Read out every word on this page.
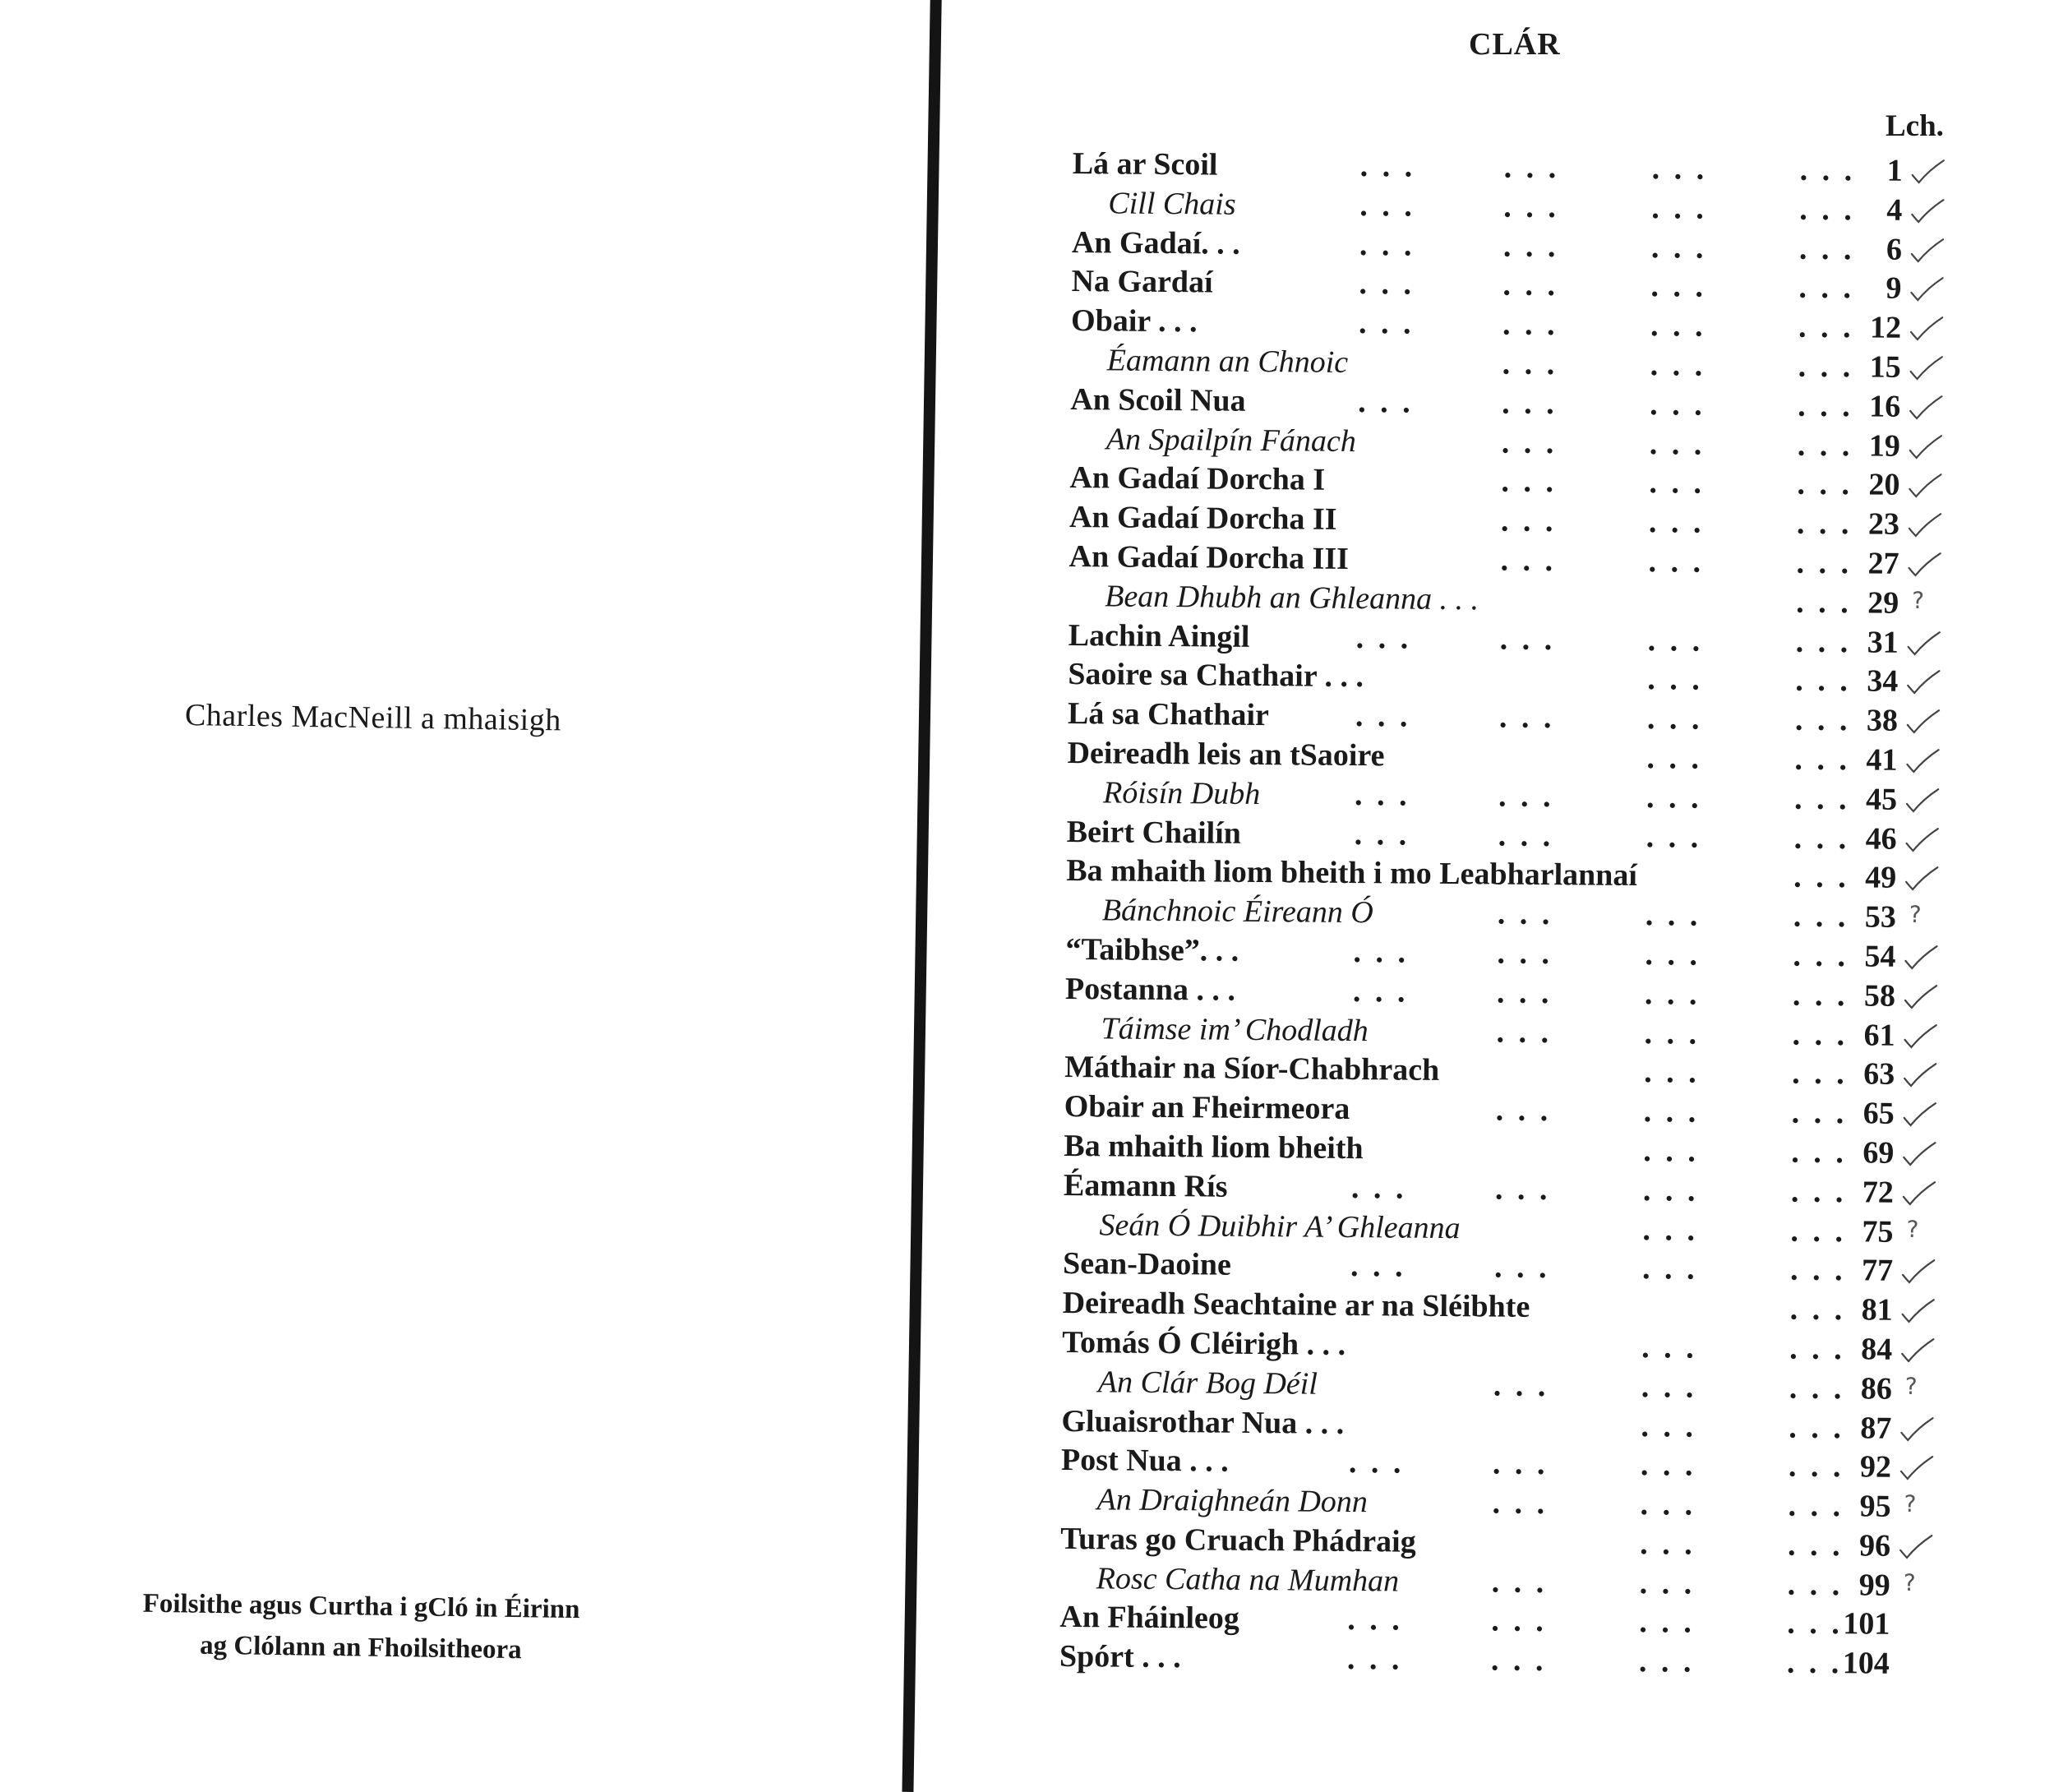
Charles MacNeill a mhaisigh
Foilsithe agus Curtha i gCló in Éirinn
ag Clólann an Fhoilsitheora
CLÁR
Lch.
Lá ar Scoil	. . .	. . .	. . .	. . . 1
Cill Chais	. . .	. . .	. . .	. . . 4
An Gadaí. . .	. . .	. . .	. . .	. . . 6
Na Gardaí	. . .	. . .	. . .	. . . 9
Obair . . .	. . .	. . .	. . .	. . . 12
Éamann an Chnoic	. . .	. . .	. . . 15
An Scoil Nua	. . .	. . .	. . .	. . . 16
An Spailpín Fánach	. . .	. . .	. . . 19
An Gadaí Dorcha I	. . .	. . .	. . . 20
An Gadaí Dorcha II	. . .	. . .	. . . 23
An Gadaí Dorcha III	. . .	. . .	. . . 27
Bean Dhubh an Ghleanna . . .	. . . 29 ?
Lachin Aingil	. . .	. . .	. . .	. . . 31
Saoire sa Chathair . . .	. . .	. . . 34
Lá sa Chathair	. . .	. . .	. . .	. . . 38
Deireadh leis an tSaoire	. . .	. . . 41
Róisín Dubh	. . .	. . .	. . .	. . . 45
Beirt Chailín	. . .	. . .	. . .	. . . 46
Ba mhaith liom bheith i mo Leabharlannaí	. . . 49
Bánchnoic Éireann Ó	. . .	. . .	. . . 53 ?
“Taibhse”. . .	. . .	. . .	. . .	. . . 54
Postanna . . .	. . .	. . .	. . .	. . . 58
Táimse im’ Chodladh	. . .	. . .	. . . 61
Máthair na Síor-Chabhrach	. . .	. . . 63
Obair an Fheirmeora	. . .	. . .	. . . 65
Ba mhaith liom bheith	. . .	. . . 69
Éamann Rís	. . .	. . .	. . .	. . . 72
Seán Ó Duibhir A’ Ghleanna	. . .	. . . 75 ?
Sean-Daoine	. . .	. . .	. . .	. . . 77
Deireadh Seachtaine ar na Sléibhte	. . . 81
Tomás Ó Cléirigh . . .	. . .	. . . 84
An Clár Bog Déil	. . .	. . .	. . . 86 ?
Gluaisrothar Nua . . .	. . .	. . . 87
Post Nua . . .	. . .	. . .	. . .	. . . 92
An Draighneán Donn	. . .	. . .	. . . 95 ?
Turas go Cruach Phádraig	. . .	. . . 96
Rosc Catha na Mumhan	. . .	. . .	. . . 99 ?
An Fháinleog	. . .	. . .	. . .	. . . 101
Spórt . . .	. . .	. . .	. . .	. . . 104
